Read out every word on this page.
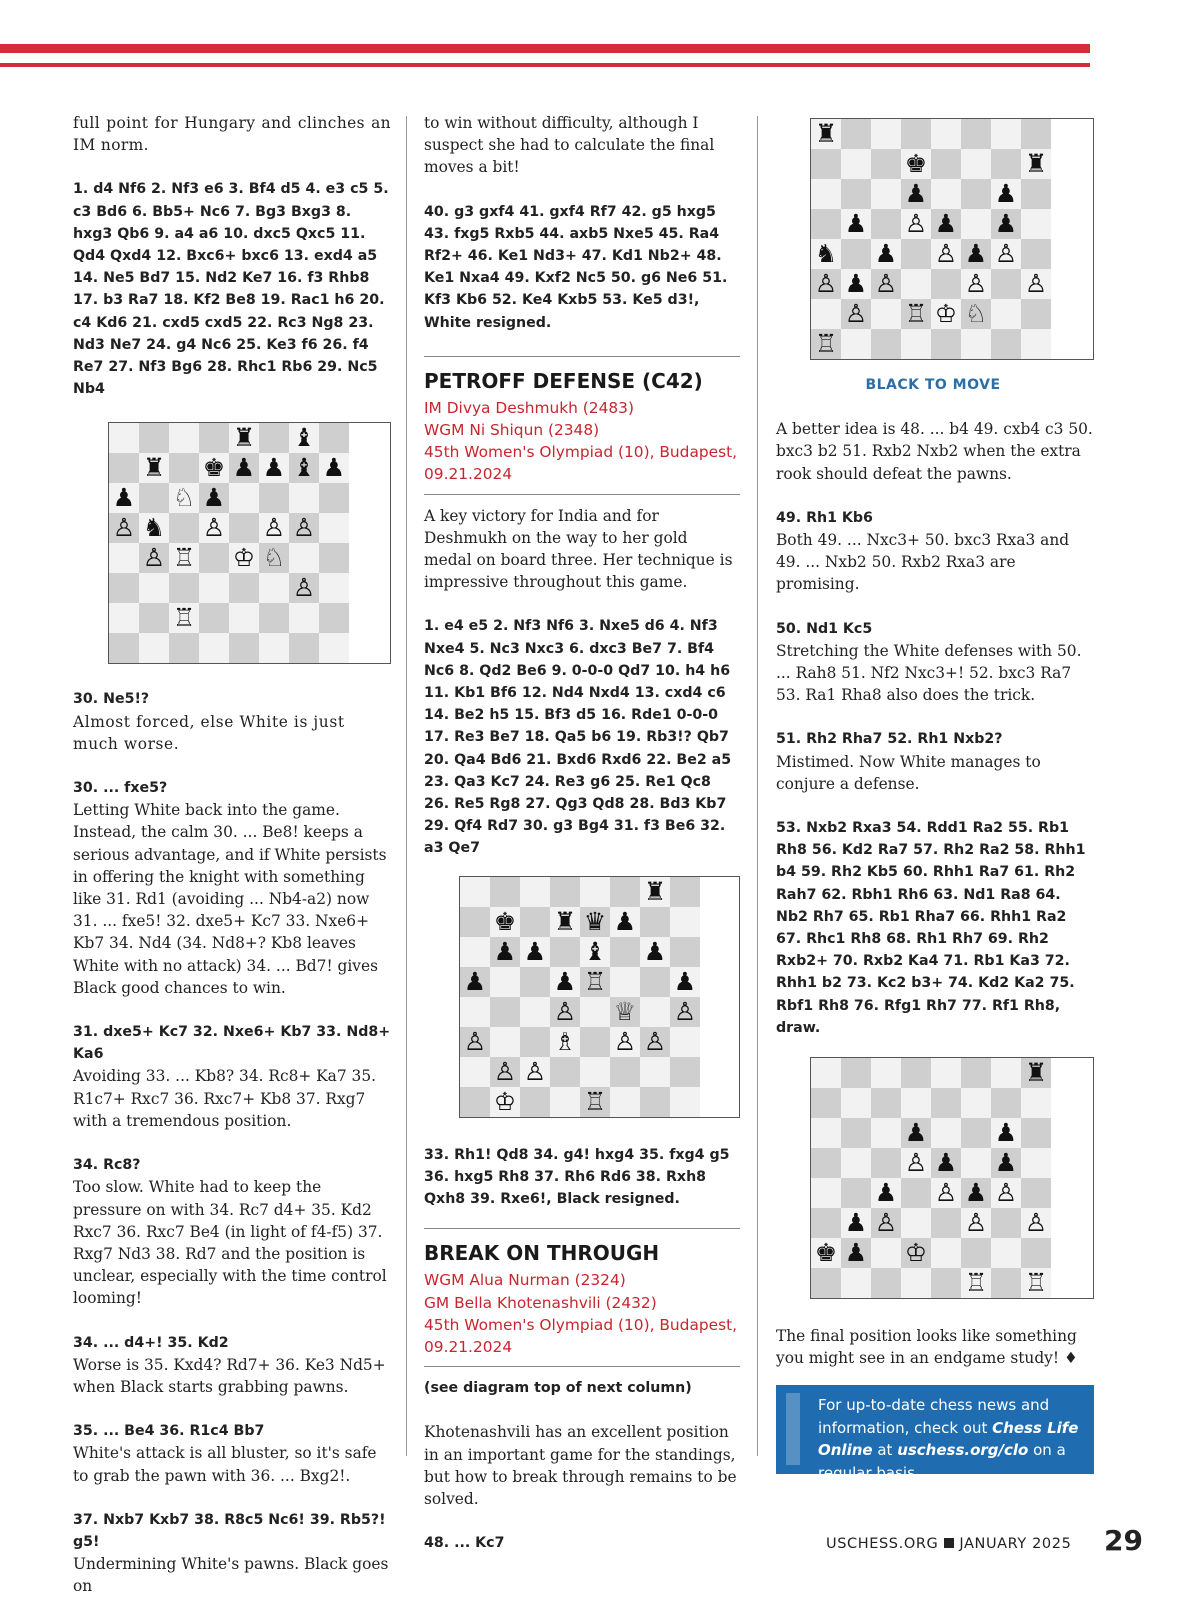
full point for Hungary and clinches an IM norm.

1. d4 Nf6 2. Nf3 e6 3. Bf4 d5 4. e3 c5 5. c3 Bd6 6. Bb5+ Nc6 7. Bg3 Bxg3 8. hxg3 Qb6 9. a4 a6 10. dxc5 Qxc5 11. Qd4 Qxd4 12. Bxc6+ bxc6 13. exd4 a5 14. Ne5 Bd7 15. Nd2 Ke7 16. f3 Rhb8 17. b3 Ra7 18. Kf2 Be8 19. Rac1 h6 20. c4 Kd6 21. cxd5 cxd5 22. Rc3 Ng8 23. Nd3 Ne7 24. g4 Nc6 25. Ke3 f6 26. f4 Re7 27. Nf3 Bg6 28. Rhc1 Rb6 29. Nc5 Nb4

♜ ♝
♜ ♚ ♟ ♟ ♝ ♟
♟ ♘ ♟
♙ ♞ ♙ ♙ ♙
♙ ♖ ♔ ♘
♙
♖
30. Ne5!?

Almost forced, else White is just much worse.

30. ... fxe5?

Letting White back into the game. Instead, the calm 30. ... Be8! keeps a serious advantage, and if White persists in offering the knight with something like 31. Rd1 (avoiding ... Nb4-a2) now 31. ... fxe5! 32. dxe5+ Kc7 33. Nxe6+ Kb7 34. Nd4 (34. Nd8+? Kb8 leaves White with no attack) 34. ... Bd7! gives Black good chances to win.

31. dxe5+ Kc7 32. Nxe6+ Kb7 33. Nd8+ Ka6

Avoiding 33. ... Kb8? 34. Rc8+ Ka7 35. R1c7+ Rxc7 36. Rxc7+ Kb8 37. Rxg7 with a tremendous position.

34. Rc8?

Too slow. White had to keep the pressure on with 34. Rc7 d4+ 35. Kd2 Rxc7 36. Rxc7 Be4 (in light of f4-f5) 37. Rxg7 Nd3 38. Rd7 and the position is unclear, especially with the time control looming!

34. ... d4+! 35. Kd2

Worse is 35. Kxd4? Rd7+ 36. Ke3 Nd5+ when Black starts grabbing pawns.

35. ... Be4 36. R1c4 Bb7

White's attack is all bluster, so it's safe to grab the pawn with 36. ... Bxg2!.

37. Nxb7 Kxb7 38. R8c5 Nc6! 39. Rb5?! g5!

Undermining White's pawns. Black goes on

to win without difficulty, although I suspect she had to calculate the final moves a bit!

40. g3 gxf4 41. gxf4 Rf7 42. g5 hxg5 43. fxg5 Rxb5 44. axb5 Nxe5 45. Ra4 Rf2+ 46. Ke1 Nd3+ 47. Kd1 Nb2+ 48. Ke1 Nxa4 49. Kxf2 Nc5 50. g6 Ne6 51. Kf3 Kb6 52. Ke4 Kxb5 53. Ke5 d3!, White resigned.

PETROFF DEFENSE (C42)
IM Divya Deshmukh (2483)
WGM Ni Shiqun (2348)
45th Women's Olympiad (10), Budapest, 09.21.2024

A key victory for India and for Deshmukh on the way to her gold medal on board three. Her technique is impressive throughout this game.

1. e4 e5 2. Nf3 Nf6 3. Nxe5 d6 4. Nf3 Nxe4 5. Nc3 Nxc3 6. dxc3 Be7 7. Bf4 Nc6 8. Qd2 Be6 9. 0-0-0 Qd7 10. h4 h6 11. Kb1 Bf6 12. Nd4 Nxd4 13. cxd4 c6 14. Be2 h5 15. Bf3 d5 16. Rde1 0-0-0 17. Re3 Be7 18. Qa5 b6 19. Rb3!? Qb7 20. Qa4 Bd6 21. Bxd6 Rxd6 22. Be2 a5 23. Qa3 Kc7 24. Re3 g6 25. Re1 Qc8 26. Re5 Rg8 27. Qg3 Qd8 28. Bd3 Kb7 29. Qf4 Rd7 30. g3 Bg4 31. f3 Be6 32. a3 Qe7

♜
♚ ♜ ♛ ♟
♟ ♟ ♝ ♟
♟	♟ ♖	♟
♙ ♕ ♙
♙	♗ ♙ ♙
♙ ♙
♔	♖

33. Rh1! Qd8 34. g4! hxg4 35. fxg4 g5 36. hxg5 Rh8 37. Rh6 Rd6 38. Rxh8 Qxh8 39. Rxe6!, Black resigned.

BREAK ON THROUGH
WGM Alua Nurman (2324)
GM Bella Khotenashvili (2432)
45th Women's Olympiad (10), Budapest, 09.21.2024

(see diagram top of next column)

Khotenashvili has an excellent position in an important game for the standings, but how to break through remains to be solved.

48. ... Kc7
♜
♚	♜
♟	♟
♟ ♙ ♟ ♟
♞ ♟ ♙ ♟ ♙
♙ ♟ ♙	♙ ♙
♙ ♖ ♔ ♘
♖
BLACK TO MOVE

A better idea is 48. ... b4 49. cxb4 c3 50. bxc3 b2 51. Rxb2 Nxb2 when the extra rook should defeat the pawns.

49. Rh1 Kb6

Both 49. ... Nxc3+ 50. bxc3 Rxa3 and 49. ... Nxb2 50. Rxb2 Rxa3 are promising.

50. Nd1 Kc5

Stretching the White defenses with 50. ... Rah8 51. Nf2 Nxc3+! 52. bxc3 Ra7 53. Ra1 Rha8 also does the trick.

51. Rh2 Rha7 52. Rh1 Nxb2?

Mistimed. Now White manages to conjure a defense.

53. Nxb2 Rxa3 54. Rdd1 Ra2 55. Rb1 Rh8 56. Kd2 Ra7 57. Rh2 Ra2 58. Rhh1 b4 59. Rh2 Kb5 60. Rhh1 Ra7 61. Rh2 Rah7 62. Rbh1 Rh6 63. Nd1 Ra8 64. Nb2 Rh7 65. Rb1 Rha7 66. Rhh1 Ra2 67. Rhc1 Rh8 68. Rh1 Rh7 69. Rh2 Rxb2+ 70. Rxb2 Ka4 71. Rb1 Ka3 72. Rhh1 b2 73. Kc2 b3+ 74. Kd2 Ka2 75. Rbf1 Rh8 76. Rfg1 Rh7 77. Rf1 Rh8, draw.

♜
♟	♟
♙ ♟ ♟
♟ ♙ ♟ ♙
♟ ♙	♙ ♙
♚ ♟ ♔
♖ ♖

The final position looks like something you might see in an endgame study! ♦

For up-to-date chess news and information, check out Chess Life Online at uschess.org/clo on a regular basis.
USCHESS.ORG JANUARY 2025 29
